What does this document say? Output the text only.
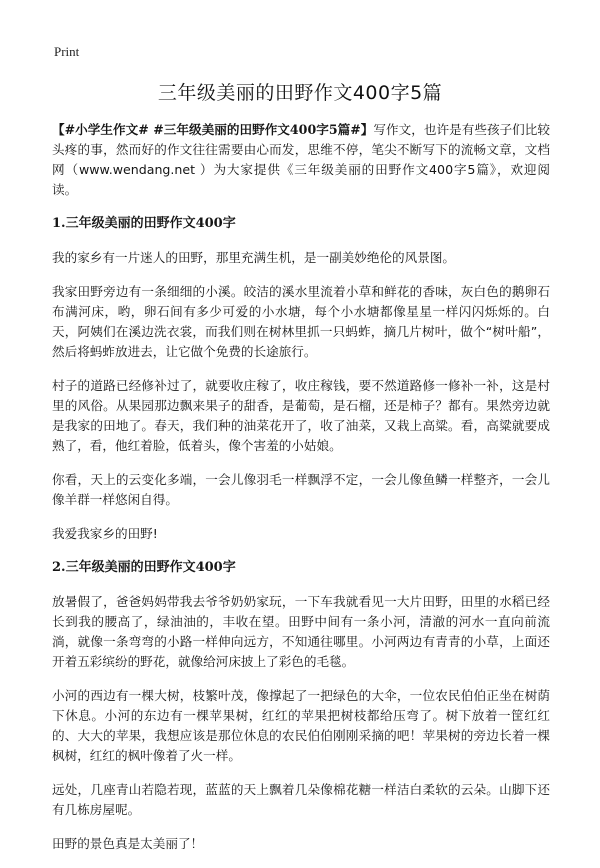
Print
三年级美丽的田野作文400字5篇

【#小学生作文# #三年级美丽的田野作文400字5篇#】写作文，也许是有些孩子们比较头疼的事，然而好的作文往往需要由心而发，思维不停，笔尖不断写下的流畅文章，文档网（www.wendang.net ）为大家提供《三年级美丽的田野作文400字5篇》，欢迎阅读。

1.三年级美丽的田野作文400字

我的家乡有一片迷人的田野，那里充满生机，是一副美妙绝伦的风景图。

我家田野旁边有一条细细的小溪。皎洁的溪水里流着小草和鲜花的香味，灰白色的鹅卵石布满河床，哟，卵石间有多少可爱的小水塘，每个小水塘都像星星一样闪闪烁烁的。白天，阿姨们在溪边洗衣裳，而我们则在树林里抓一只蚂蚱，摘几片树叶，做个“树叶船”，然后将蚂蚱放进去，让它做个免费的长途旅行。

村子的道路已经修补过了，就要收庄稼了，收庄稼钱，要不然道路修一修补一补，这是村里的风俗。从果园那边飘来果子的甜香，是葡萄，是石榴，还是柿子？都有。果然旁边就是我家的田地了。春天，我们种的油菜花开了，收了油菜，又栽上高粱。看，高粱就要成熟了，看，他红着脸，低着头，像个害羞的小姑娘。

你看，天上的云变化多端，一会儿像羽毛一样飘浮不定，一会儿像鱼鳞一样整齐，一会儿像羊群一样悠闲自得。

我爱我家乡的田野!

2.三年级美丽的田野作文400字

放暑假了，爸爸妈妈带我去爷爷奶奶家玩，一下车我就看见一大片田野，田里的水稻已经长到我的腰高了，绿油油的，丰收在望。田野中间有一条小河，清澈的河水一直向前流淌，就像一条弯弯的小路一样伸向远方，不知通往哪里。小河两边有青青的小草，上面还开着五彩缤纷的野花，就像给河床披上了彩色的毛毯。

小河的西边有一棵大树，枝繁叶茂，像撑起了一把绿色的大伞，一位农民伯伯正坐在树荫下休息。小河的东边有一棵苹果树，红红的苹果把树枝都给压弯了。树下放着一筐红红的、大大的苹果，我想应该是那位休息的农民伯伯刚刚采摘的吧！苹果树的旁边长着一棵枫树，红红的枫叶像着了火一样。

远处，几座青山若隐若现，蓝蓝的天上飘着几朵像棉花糖一样洁白柔软的云朵。山脚下还有几栋房屋呢。

田野的景色真是太美丽了！
